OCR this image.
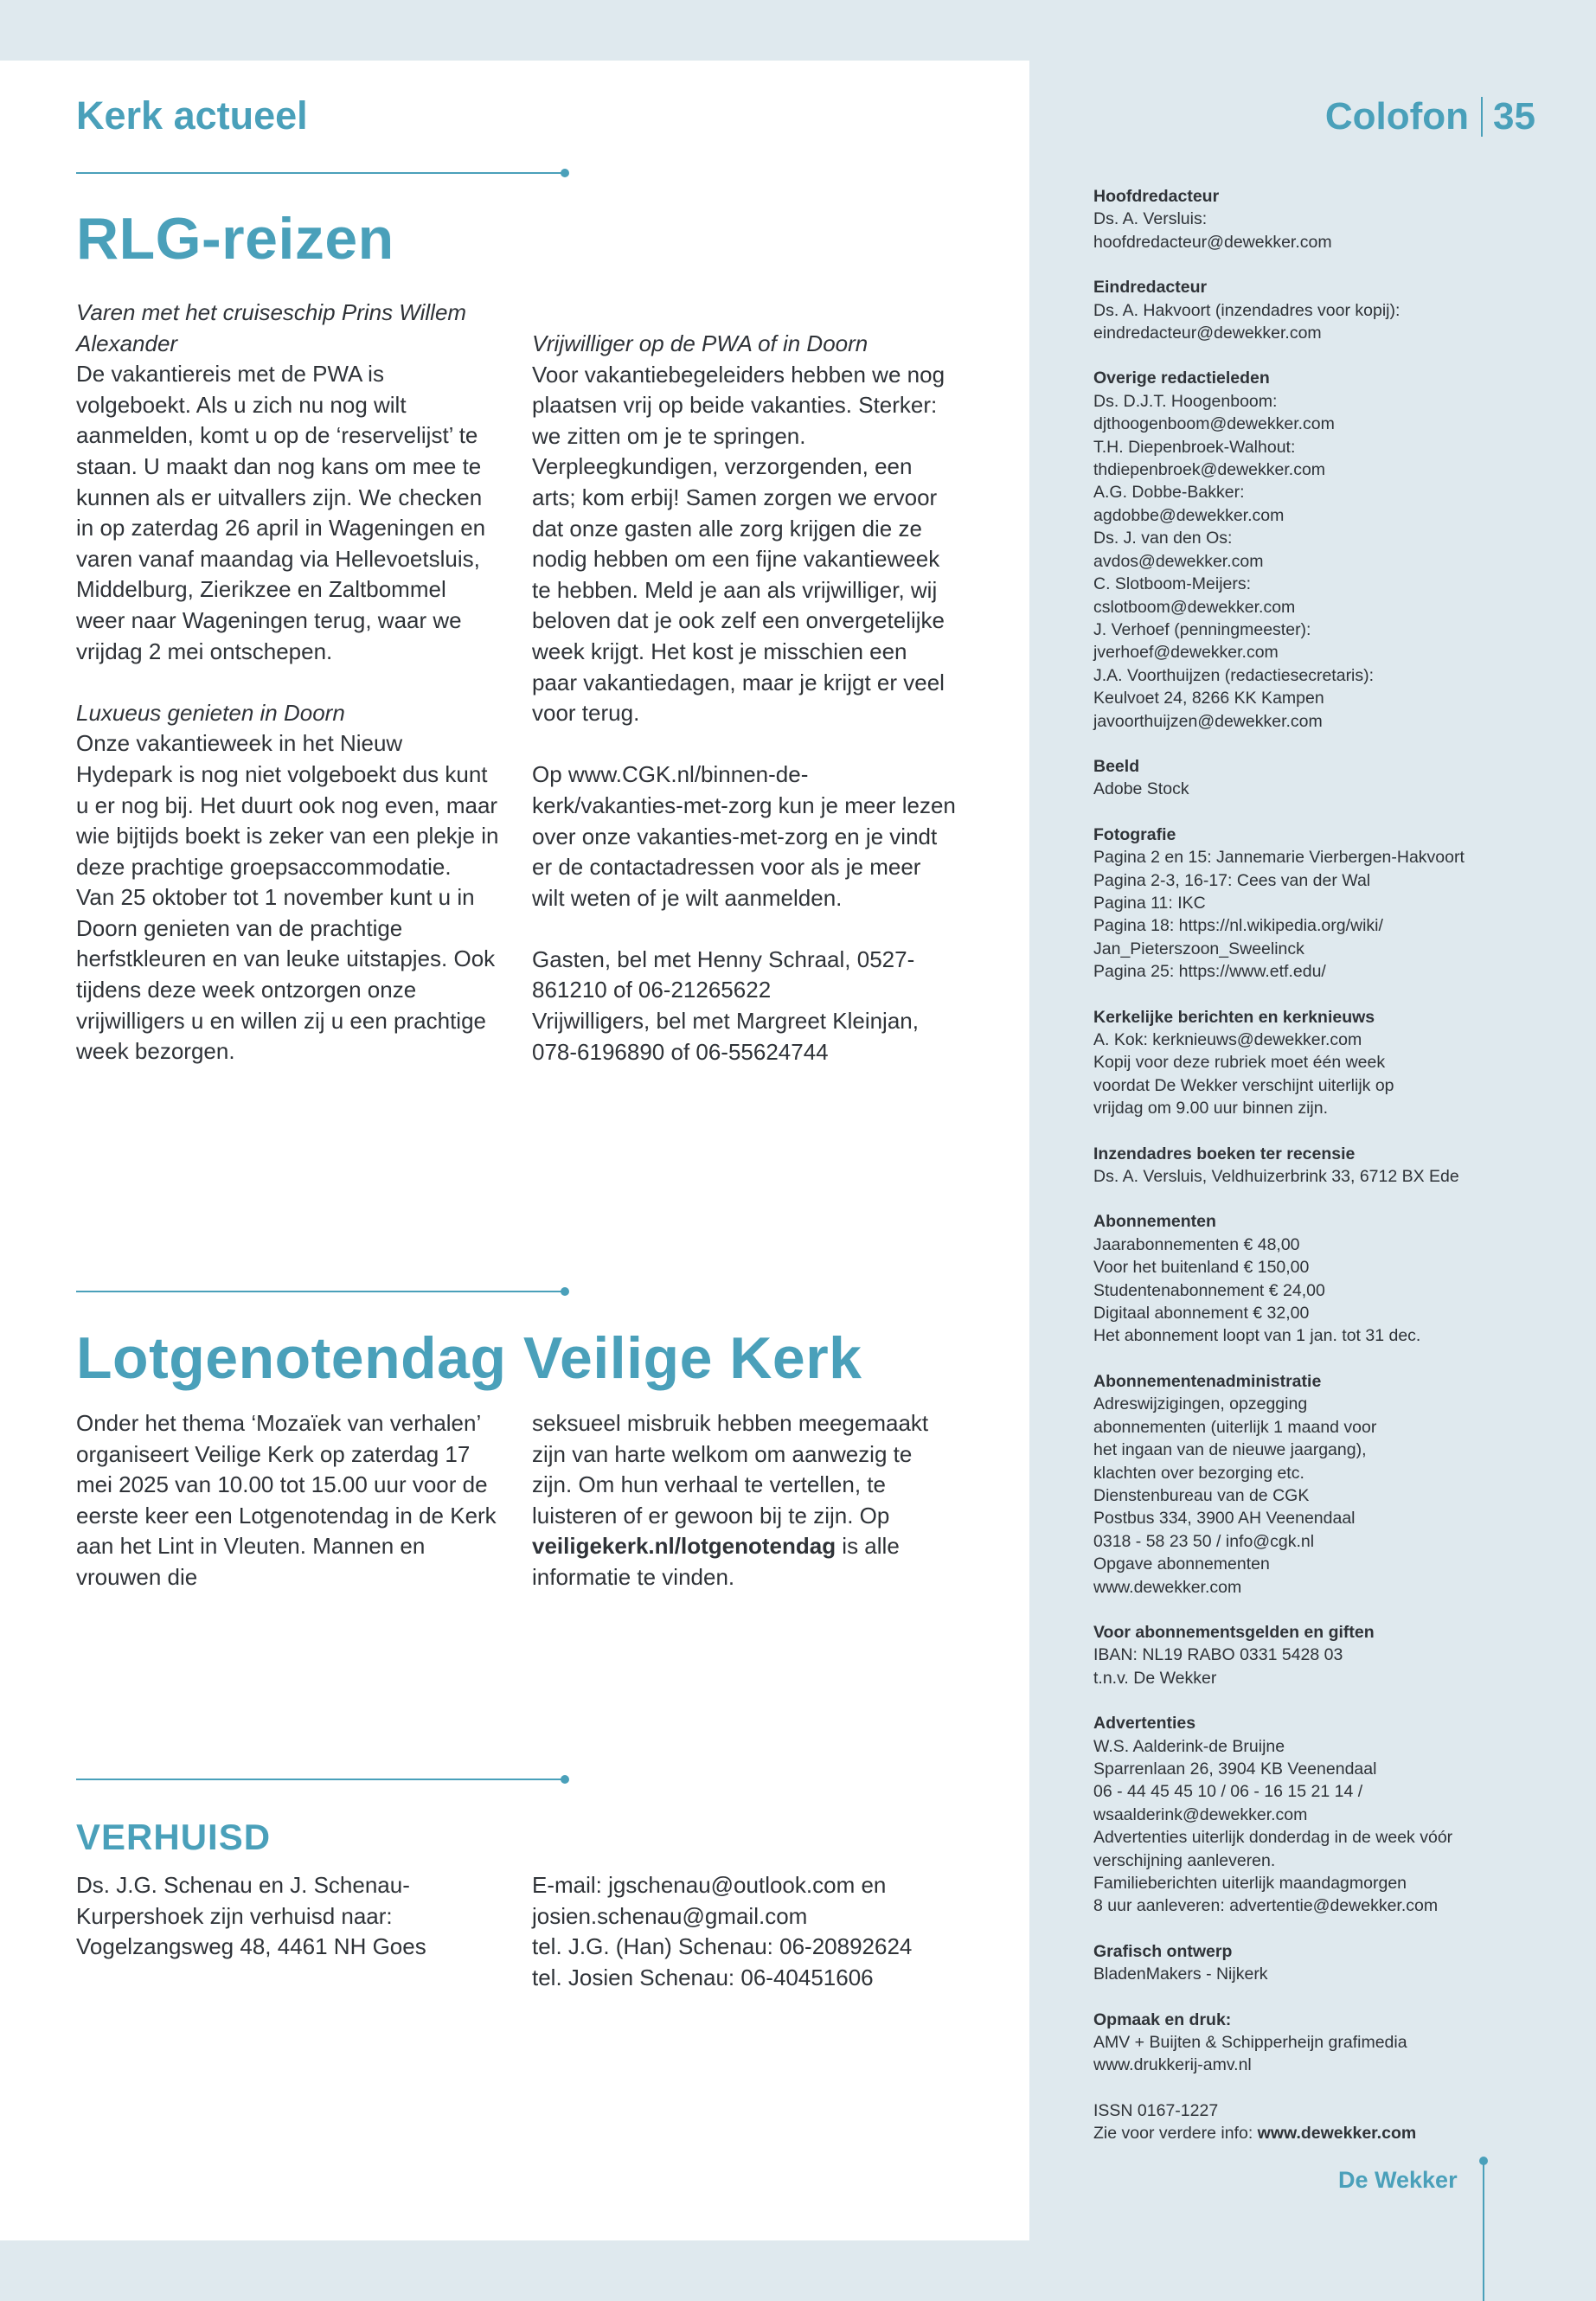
Kerk actueel	Colofon 35
RLG-reizen

Varen met het cruiseschip Prins Willem Alexander

De vakantiereis met de PWA is volgeboekt. Als u zich nu nog wilt aanmelden, komt u op de ‘reservelijst’ te staan. U maakt dan nog kans om mee te kunnen als er uitvallers zijn. We checken in op zaterdag 26 april in Wageningen en varen vanaf maandag via Hellevoetsluis, Middelburg, Zierikzee en Zaltbommel weer naar Wageningen terug, waar we vrijdag 2 mei ontschepen.

Luxueus genieten in Doorn

Onze vakantieweek in het Nieuw Hydepark is nog niet volgeboekt dus kunt u er nog bij. Het duurt ook nog even, maar wie bijtijds boekt is zeker van een plekje in deze prachtige groepsaccommodatie.

Van 25 oktober tot 1 november kunt u in Doorn genieten van de prachtige herfstkleuren en van leuke uitstapjes. Ook tijdens deze week ontzorgen onze vrijwilligers u en willen zij u een prachtige week bezorgen.

Vrijwilliger op de PWA of in Doorn

Voor vakantiebegeleiders hebben we nog plaatsen vrij op beide vakanties. Sterker: we zitten om je te springen. Verpleegkundigen, verzorgenden, een arts; kom erbij! Samen zorgen we ervoor dat onze gasten alle zorg krijgen die ze nodig hebben om een fijne vakantieweek te hebben. Meld je aan als vrijwilliger, wij beloven dat je ook zelf een onvergetelijke week krijgt. Het kost je misschien een paar vakantiedagen, maar je krijgt er veel voor terug.

Op www.CGK.nl/binnen-de-kerk/vakanties-met-zorg kun je meer lezen over onze vakanties-met-zorg en je vindt er de contactadressen voor als je meer wilt weten of je wilt aanmelden.

Gasten, bel met Henny Schraal, 0527-861210 of 06-21265622

Vrijwilligers, bel met Margreet Kleinjan, 078-6196890 of 06-55624744

Lotgenotendag Veilige Kerk

Onder het thema ‘Mozaïek van verhalen’ organiseert Veilige Kerk op zaterdag 17 mei 2025 van 10.00 tot 15.00 uur voor de eerste keer een Lotgenotendag in de Kerk aan het Lint in Vleuten. Mannen en vrouwen die

seksueel misbruik hebben meegemaakt zijn van harte welkom om aanwezig te zijn. Om hun verhaal te vertellen, te luisteren of er gewoon bij te zijn. Op veiligekerk.nl/lotgenotendag is alle informatie te vinden.

VERHUISD

Ds. J.G. Schenau en J. Schenau-Kurpershoek zijn verhuisd naar: Vogelzangsweg 48, 4461 NH Goes

E-mail: jgschenau@outlook.com en

josien.schenau@gmail.com

tel. J.G. (Han) Schenau: 06-20892624

tel. Josien Schenau: 06-40451606

Hoofdredacteur
Ds. A. Versluis:
hoofdredacteur@dewekker.com
Eindredacteur
Ds. A. Hakvoort (inzendadres voor kopij):
eindredacteur@dewekker.com
Overige redactieleden
Ds. D.J.T. Hoogenboom:
djthoogenboom@dewekker.com
T.H. Diepenbroek-Walhout:
thdiepenbroek@dewekker.com
A.G. Dobbe-Bakker:
agdobbe@dewekker.com
Ds. J. van den Os:
avdos@dewekker.com
C. Slotboom-Meijers:
cslotboom@dewekker.com
J. Verhoef (penningmeester):
jverhoef@dewekker.com
J.A. Voorthuijzen (redactiesecretaris):
Keulvoet 24, 8266 KK Kampen
javoorthuijzen@dewekker.com
Beeld
Adobe Stock
Fotografie
Pagina 2 en 15: Jannemarie Vierbergen-Hakvoort
Pagina 2-3, 16-17: Cees van der Wal
Pagina 11: IKC
Pagina 18: https://nl.wikipedia.org/wiki/
Jan_Pieterszoon_Sweelinck
Pagina 25: https://www.etf.edu/
Kerkelijke berichten en kerknieuws
A. Kok: kerknieuws@dewekker.com
Kopij voor deze rubriek moet één week
voordat De Wekker verschijnt uiterlijk op
vrijdag om 9.00 uur binnen zijn.
Inzendadres boeken ter recensie
Ds. A. Versluis, Veldhuizerbrink 33, 6712 BX Ede
Abonnementen
Jaarabonnementen € 48,00
Voor het buitenland € 150,00
Studentenabonnement € 24,00
Digitaal abonnement € 32,00
Het abonnement loopt van 1 jan. tot 31 dec.
Abonnementenadministratie
Adreswijzigingen, opzegging
abonnementen (uiterlijk 1 maand voor
het ingaan van de nieuwe jaargang),
klachten over bezorging etc.
Dienstenbureau van de CGK
Postbus 334, 3900 AH Veenendaal
0318 - 58 23 50 / info@cgk.nl
Opgave abonnementen
www.dewekker.com
Voor abonnementsgelden en giften
IBAN: NL19 RABO 0331 5428 03
t.n.v. De Wekker
Advertenties
W.S. Aalderink-de Bruijne
Sparrenlaan 26, 3904 KB Veenendaal
06 - 44 45 45 10 / 06 - 16 15 21 14 /
wsaalderink@dewekker.com
Advertenties uiterlijk donderdag in de week vóór
verschijning aanleveren.
Familieberichten uiterlijk maandagmorgen
8 uur aanleveren: advertentie@dewekker.com
Grafisch ontwerp
BladenMakers - Nijkerk
Opmaak en druk:
AMV + Buijten & Schipperheijn grafimedia
www.drukkerij-amv.nl
ISSN 0167-1227
Zie voor verdere info: www.dewekker.com
De Wekker
